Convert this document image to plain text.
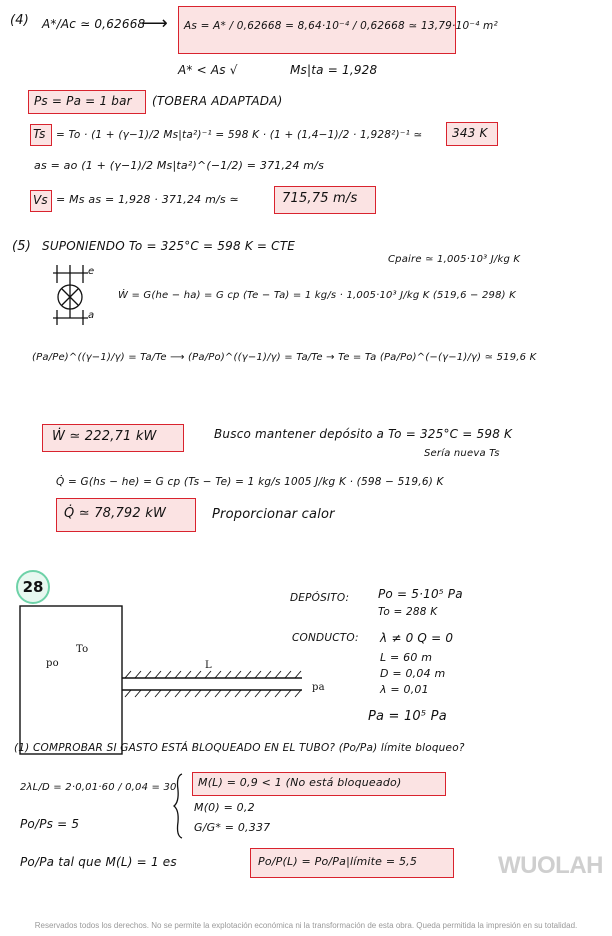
(4) A*/Ac ≃ 0,62668
⟶ As = A* / 0,62668 = 8,64·10⁻⁴ / 0,62668 ≃ 13,79·10⁻⁴ m²
A* < As √	Ms|ta = 1,928
Ps = Pa = 1 bar (TOBERA ADAPTADA)
Ts = To · (1 + (γ−1)/2 Ms|ta²)⁻¹ = 598 K · (1 + (1,4−1)/2 · 1,928²)⁻¹ ≃ 343 K
as = ao (1 + (γ−1)/2 Ms|ta²)^(−1/2) = 371,24 m/s
Vs = Ms as = 1,928 · 371,24 m/s ≃	715,75 m/s
(5) SUPONIENDO To = 325°C = 598 K = CTE
Cpaire ≃ 1,005·10³ J/kg K
e
a
Ẇ = G(he − ha) = G cp (Te − Ta) = 1 kg/s · 1,005·10³ J/kg K (519,6 − 298) K
(Pa/Pe)^((γ−1)/γ) = Ta/Te ⟶ (Pa/Po)^((γ−1)/γ) = Ta/Te → Te = Ta (Pa/Po)^(−(γ−1)/γ) ≃ 519,6 K
Ẇ ≃ 222,71 kW	Busco mantener depósito a To = 325°C = 598 K
Sería nueva Ts
Q̇ = G(hs − he) = G cp (Ts − Te) = 1 kg/s 1005 J/kg K · (598 − 519,6) K
Q̇ ≃ 78,792 kW	Proporcionar calor
28
po
To
L
pa
DEPÓSITO: Po = 5·10⁵ Pa
To = 288 K
CONDUCTO: λ ≠ 0 Q = 0
L = 60 m
D = 0,04 m
λ = 0,01
Pa = 10⁵ Pa
(1) COMPROBAR SI GASTO ESTÁ BLOQUEADO EN EL TUBO? (Po/Pa) límite bloqueo?
2λL/D = 2·0,01·60 / 0,04 = 30
Po/Ps = 5
M(L) = 0,9 < 1 (No está bloqueado)
M(0) = 0,2
G/G* = 0,337
Po/Pa tal que M(L) = 1 es	Po/P(L) = Po/Pa|límite = 5,5	WUOLAH
Reservados todos los derechos. No se permite la explotación económica ni la transformación de esta obra. Queda permitida la impresión en su totalidad.
